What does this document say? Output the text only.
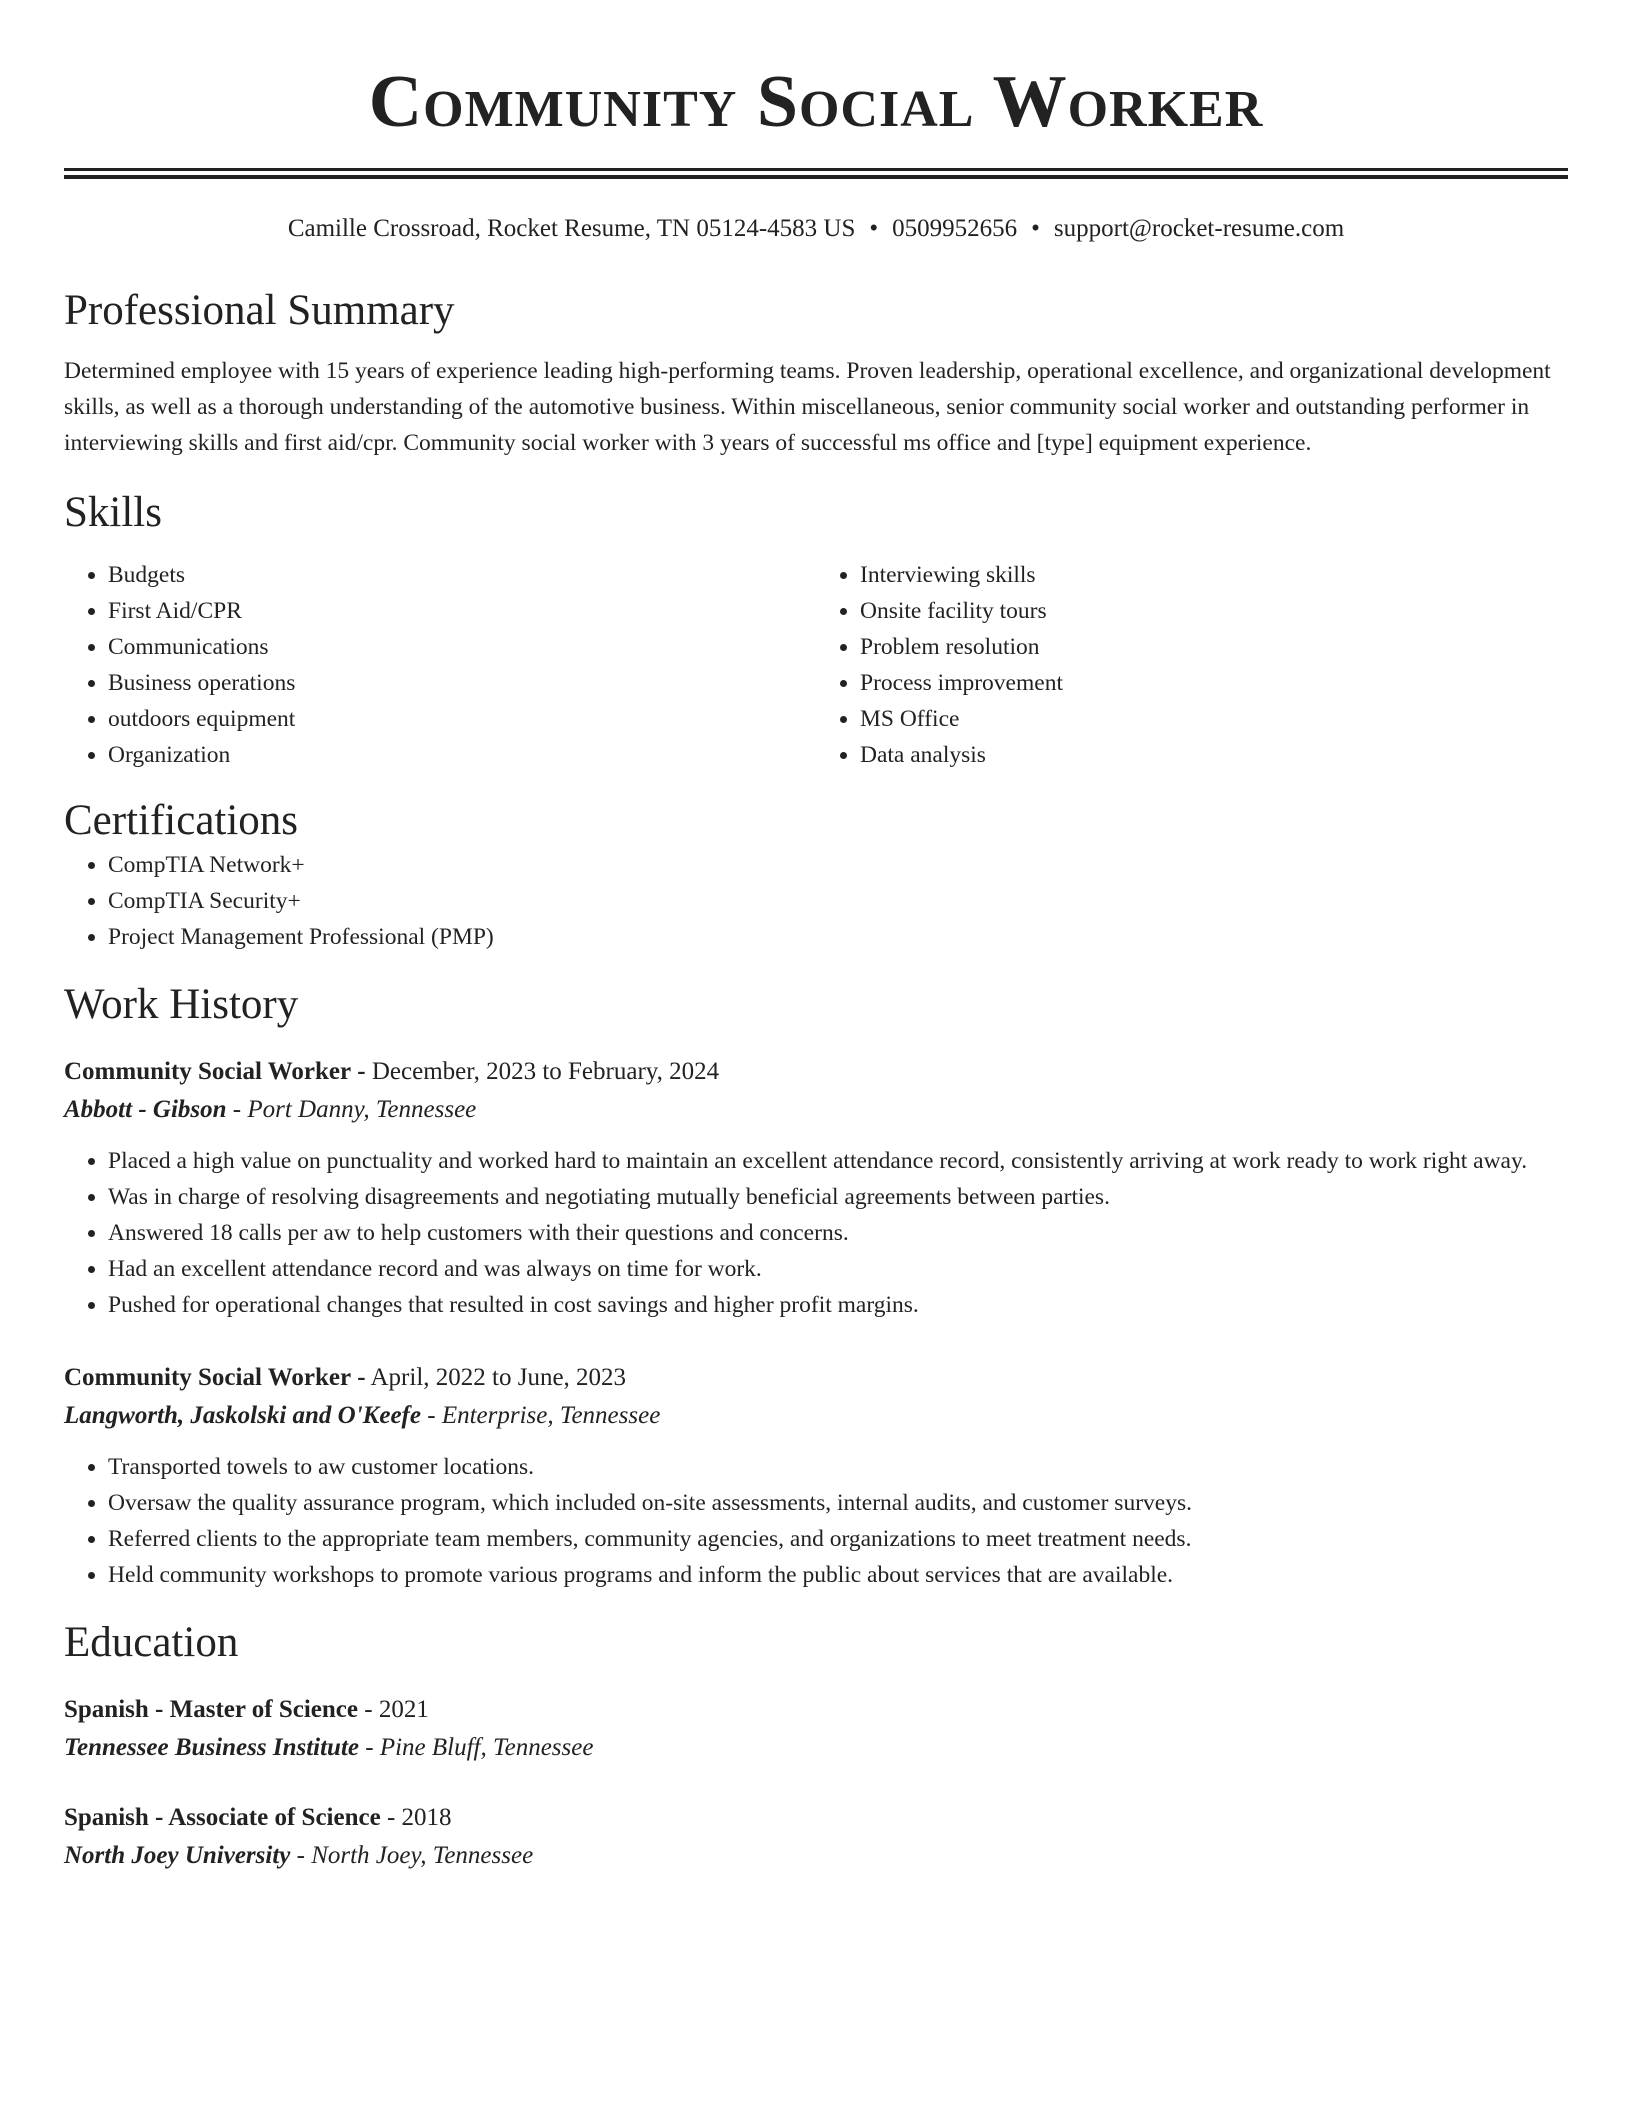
Community Social Worker
Camille Crossroad, Rocket Resume, TN 05124-4583 US • 0509952656 • support@rocket-resume.com
Professional Summary

Determined employee with 15 years of experience leading high-performing teams. Proven leadership, operational excellence, and organizational development skills, as well as a thorough understanding of the automotive business. Within miscellaneous, senior community social worker and outstanding performer in interviewing skills and first aid/cpr. Community social worker with 3 years of successful ms office and [type] equipment experience.

Skills
• Budgets
• First Aid/CPR
• Communications
• Business operations
• outdoors equipment
• Organization
• Interviewing skills
• Onsite facility tours
• Problem resolution
• Process improvement
• MS Office
• Data analysis
Certifications
• CompTIA Network+
• CompTIA Security+
• Project Management Professional (PMP)
Work History
Community Social Worker - December, 2023 to February, 2024
Abbott - Gibson - Port Danny, Tennessee
• Placed a high value on punctuality and worked hard to maintain an excellent attendance record, consistently arriving at work ready to work right away.
• Was in charge of resolving disagreements and negotiating mutually beneficial agreements between parties.
• Answered 18 calls per aw to help customers with their questions and concerns.
• Had an excellent attendance record and was always on time for work.
• Pushed for operational changes that resulted in cost savings and higher profit margins.
Community Social Worker - April, 2022 to June, 2023
Langworth, Jaskolski and O'Keefe - Enterprise, Tennessee
• Transported towels to aw customer locations.
• Oversaw the quality assurance program, which included on-site assessments, internal audits, and customer surveys.
• Referred clients to the appropriate team members, community agencies, and organizations to meet treatment needs.
• Held community workshops to promote various programs and inform the public about services that are available.
Education
Spanish - Master of Science - 2021
Tennessee Business Institute - Pine Bluff, Tennessee
Spanish - Associate of Science - 2018
North Joey University - North Joey, Tennessee
